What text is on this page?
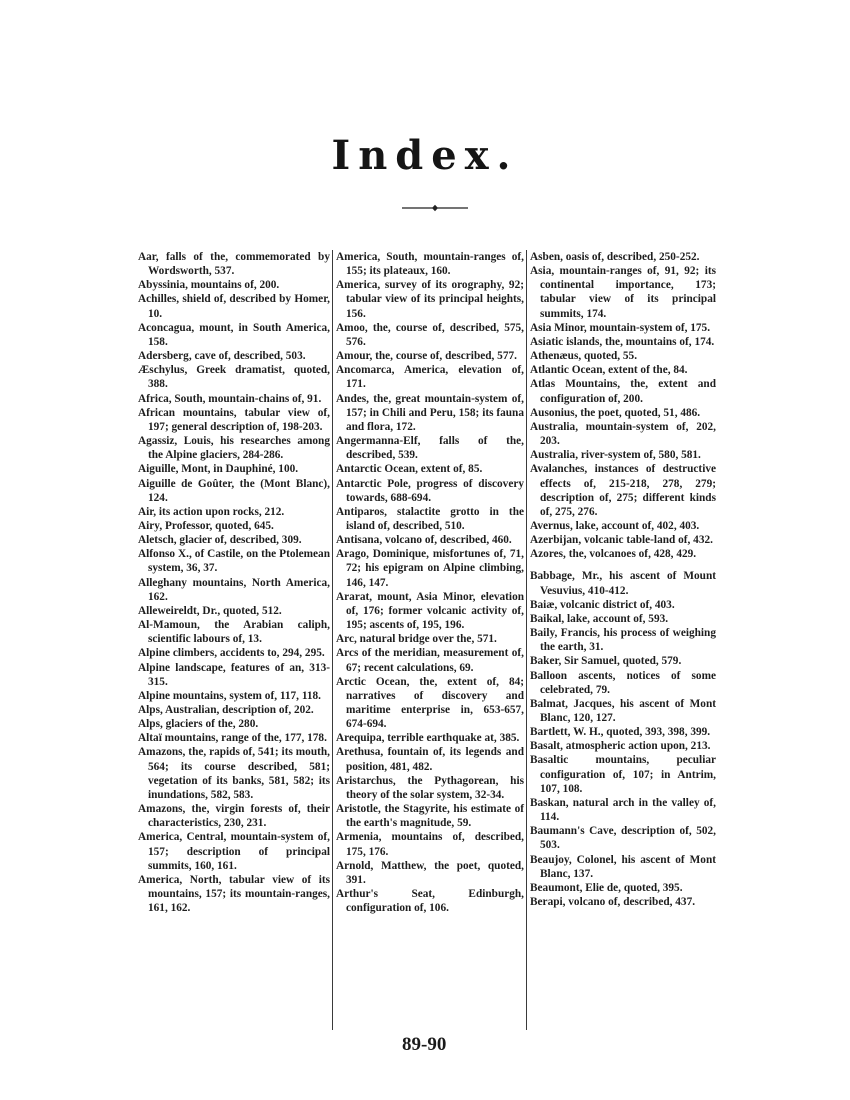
Index.
Aar, falls of the, commemorated by Wordsworth, 537.
Abyssinia, mountains of, 200.
Achilles, shield of, described by Homer, 10.
Aconcagua, mount, in South America, 158.
Adersberg, cave of, described, 503.
Æschylus, Greek dramatist, quoted, 388.
Africa, South, mountain-chains of, 91.
African mountains, tabular view of, 197; general description of, 198-203.
Agassiz, Louis, his researches among the Alpine glaciers, 284-286.
Aiguille, Mont, in Dauphiné, 100.
Aiguille de Goûter, the (Mont Blanc), 124.
Air, its action upon rocks, 212.
Airy, Professor, quoted, 645.
Aletsch, glacier of, described, 309.
Alfonso X., of Castile, on the Ptolemean system, 36, 37.
Alleghany mountains, North America, 162.
Alleweireldt, Dr., quoted, 512.
Al-Mamoun, the Arabian caliph, scientific labours of, 13.
Alpine climbers, accidents to, 294, 295.
Alpine landscape, features of an, 313-315.
Alpine mountains, system of, 117, 118.
Alps, Australian, description of, 202.
Alps, glaciers of the, 280.
Altaï mountains, range of the, 177, 178.
Amazons, the, rapids of, 541; its mouth, 564; its course described, 581; vegetation of its banks, 581, 582; its inundations, 582, 583.
Amazons, the, virgin forests of, their characteristics, 230, 231.
America, Central, mountain-system of, 157; description of principal summits, 160, 161.
America, North, tabular view of its mountains, 157; its mountain-ranges, 161, 162.
America, South, mountain-ranges of, 155; its plateaux, 160.
America, survey of its orography, 92; tabular view of its principal heights, 156.
Amoo, the, course of, described, 575, 576.
Amour, the, course of, described, 577.
Ancomarca, America, elevation of, 171.
Andes, the, great mountain-system of, 157; in Chili and Peru, 158; its fauna and flora, 172.
Angermanna-Elf, falls of the, described, 539.
Antarctic Ocean, extent of, 85.
Antarctic Pole, progress of discovery towards, 688-694.
Antiparos, stalactite grotto in the island of, described, 510.
Antisana, volcano of, described, 460.
Arago, Dominique, misfortunes of, 71, 72; his epigram on Alpine climbing, 146, 147.
Ararat, mount, Asia Minor, elevation of, 176; former volcanic activity of, 195; ascents of, 195, 196.
Arc, natural bridge over the, 571.
Arcs of the meridian, measurement of, 67; recent calculations, 69.
Arctic Ocean, the, extent of, 84; narratives of discovery and maritime enterprise in, 653-657, 674-694.
Arequipa, terrible earthquake at, 385.
Arethusa, fountain of, its legends and position, 481, 482.
Aristarchus, the Pythagorean, his theory of the solar system, 32-34.
Aristotle, the Stagyrite, his estimate of the earth's magnitude, 59.
Armenia, mountains of, described, 175, 176.
Arnold, Matthew, the poet, quoted, 391.
Arthur's Seat, Edinburgh, configuration of, 106.
Asben, oasis of, described, 250-252.
Asia, mountain-ranges of, 91, 92; its continental importance, 173; tabular view of its principal summits, 174.
Asia Minor, mountain-system of, 175.
Asiatic islands, the, mountains of, 174.
Athenæus, quoted, 55.
Atlantic Ocean, extent of the, 84.
Atlas Mountains, the, extent and configuration of, 200.
Ausonius, the poet, quoted, 51, 486.
Australia, mountain-system of, 202, 203.
Australia, river-system of, 580, 581.
Avalanches, instances of destructive effects of, 215-218, 278, 279; description of, 275; different kinds of, 275, 276.
Avernus, lake, account of, 402, 403.
Azerbijan, volcanic table-land of, 432.
Azores, the, volcanoes of, 428, 429.
Babbage, Mr., his ascent of Mount Vesuvius, 410-412.
Baiæ, volcanic district of, 403.
Baikal, lake, account of, 593.
Baily, Francis, his process of weighing the earth, 31.
Baker, Sir Samuel, quoted, 579.
Balloon ascents, notices of some celebrated, 79.
Balmat, Jacques, his ascent of Mont Blanc, 120, 127.
Bartlett, W. H., quoted, 393, 398, 399.
Basalt, atmospheric action upon, 213.
Basaltic mountains, peculiar configuration of, 107; in Antrim, 107, 108.
Baskan, natural arch in the valley of, 114.
Baumann's Cave, description of, 502, 503.
Beaujoy, Colonel, his ascent of Mont Blanc, 137.
Beaumont, Elie de, quoted, 395.
Berapi, volcano of, described, 437.
89-90
